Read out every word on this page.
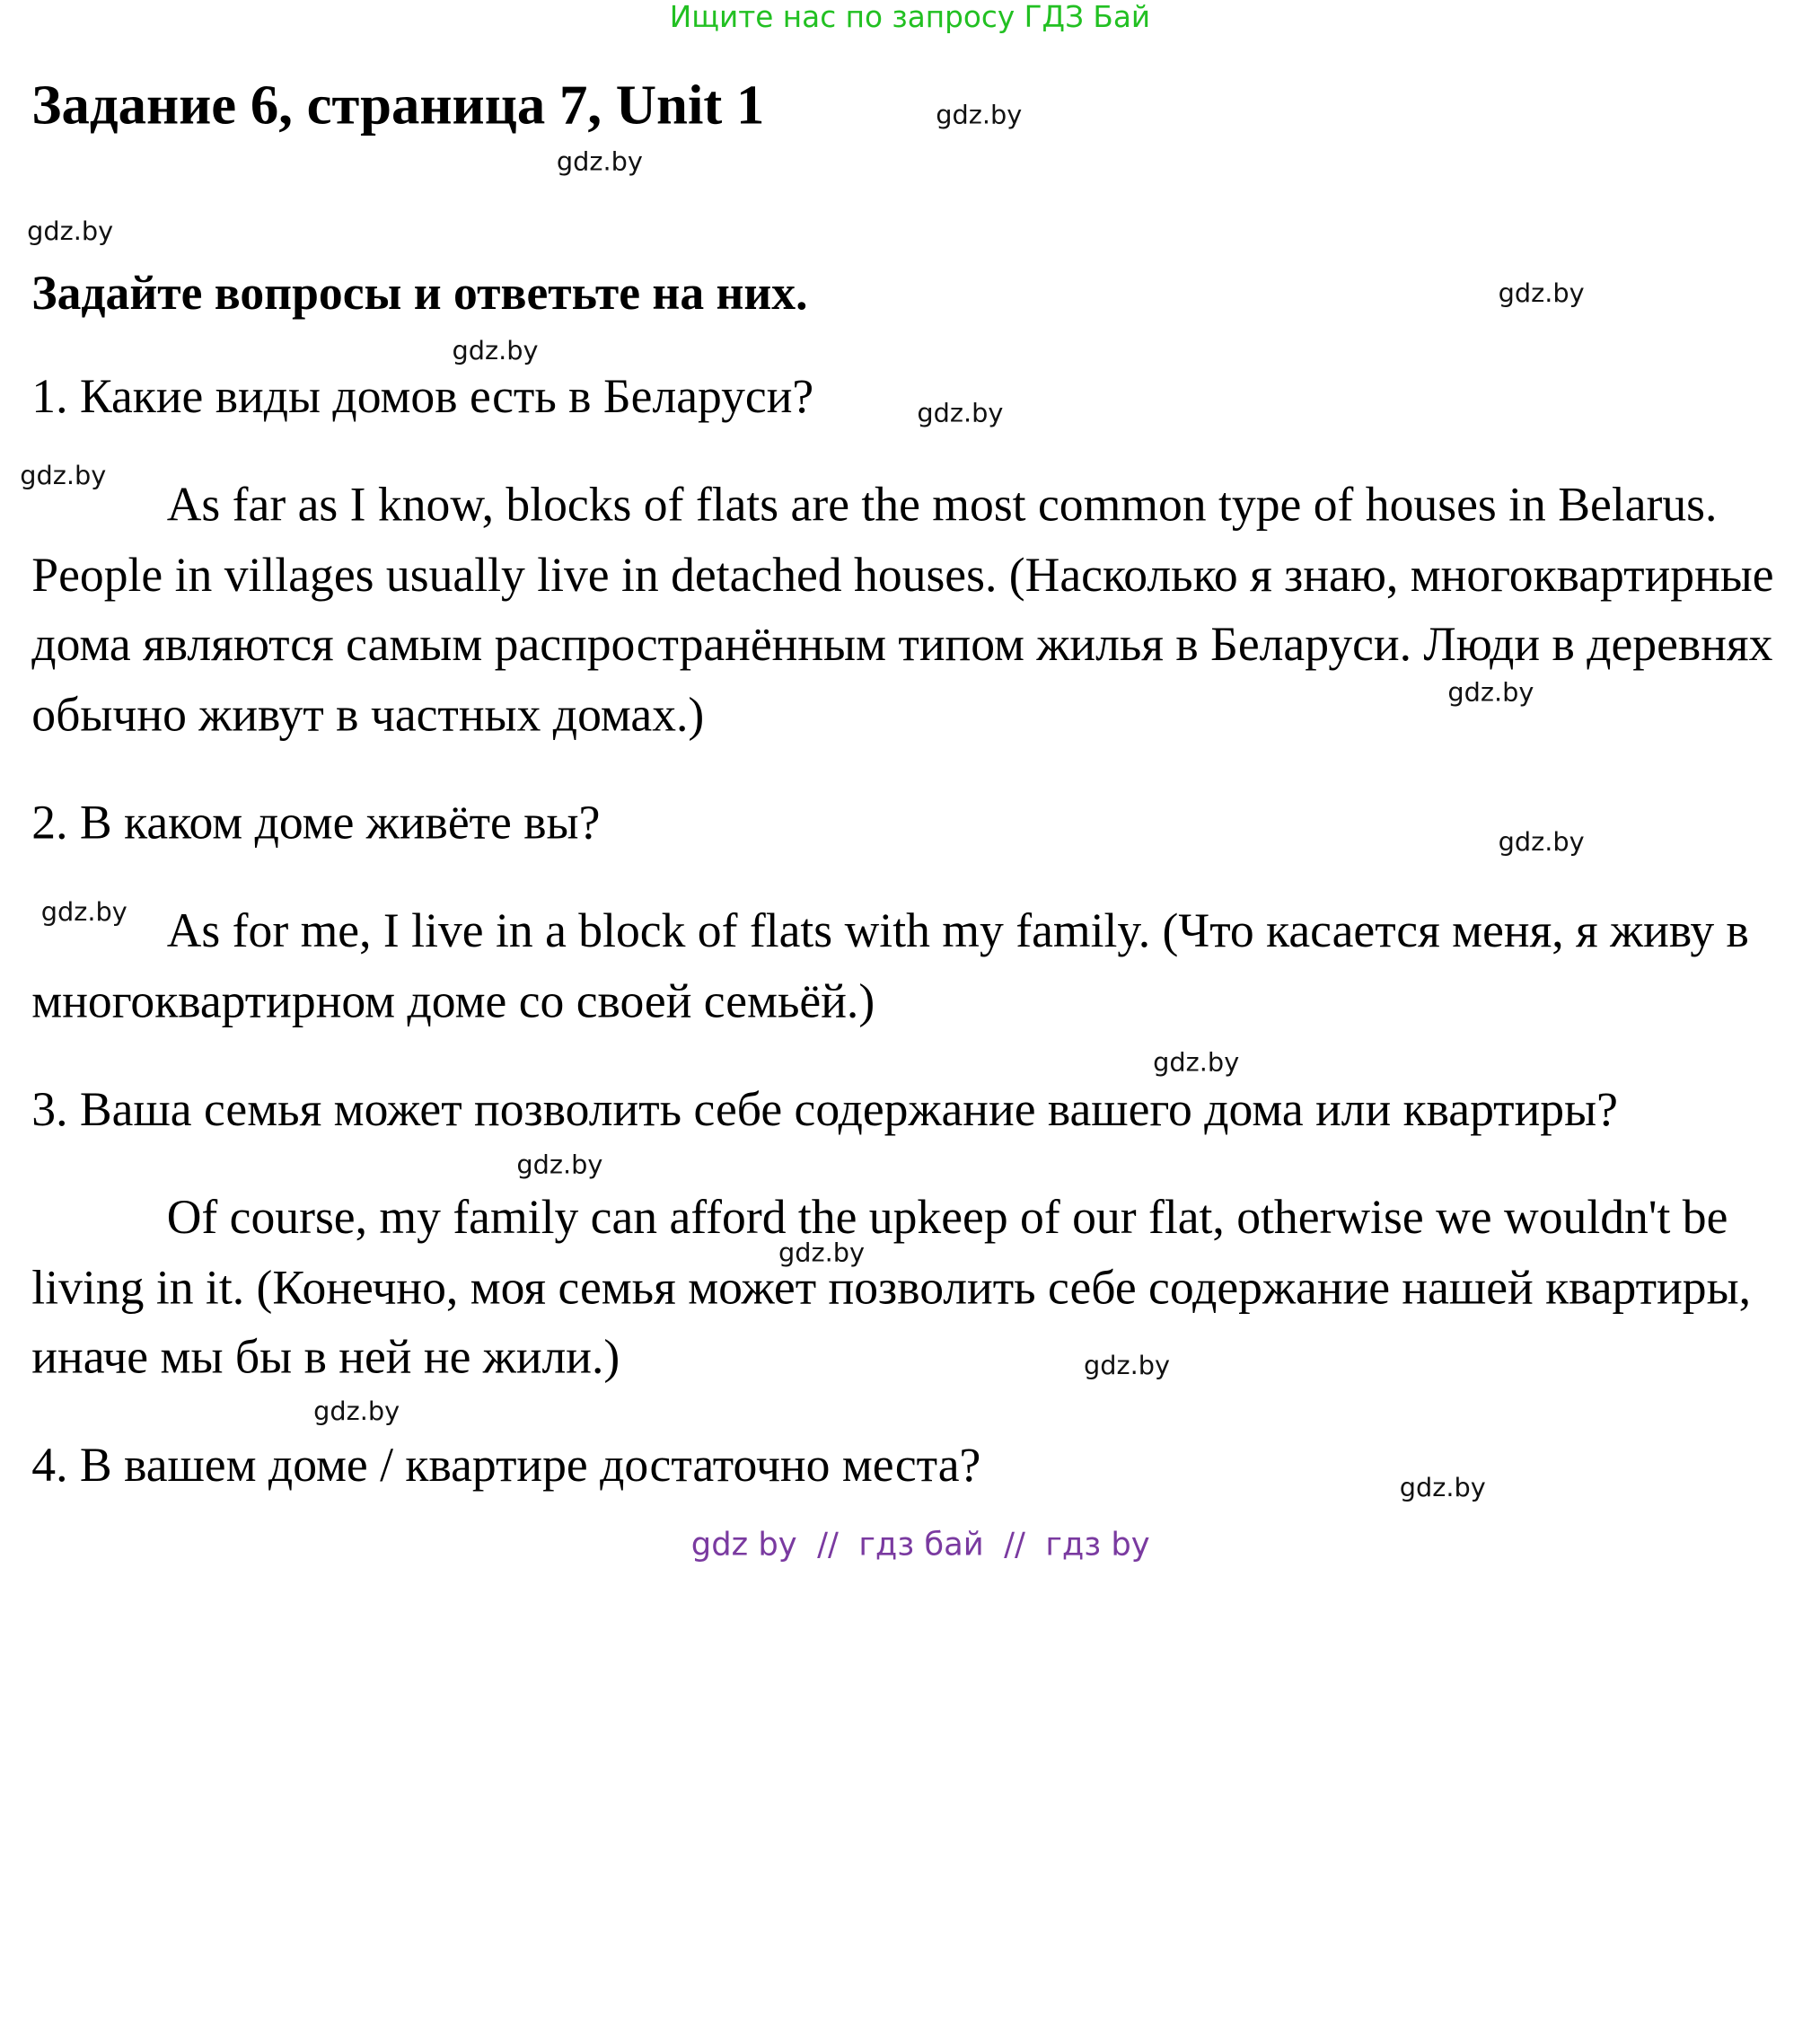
Ищите нас по запросу ГДЗ Бай
Задание 6, страница 7, Unit 1
Задайте вопросы и ответьте на них.
1. Какие виды домов есть в Беларуси?
As far as I know, blocks of flats are the most common type of houses in Belarus. People in villages usually live in detached houses. (Насколько я знаю, многоквартирные дома являются самым распространённым типом жилья в Беларуси. Люди в деревнях обычно живут в частных домах.)
2. В каком доме живёте вы?
As for me, I live in a block of flats with my family. (Что касается меня, я живу в многоквартирном доме со своей семьёй.)
3. Ваша семья может позволить себе содержание вашего дома или квартиры?
Of course, my family can afford the upkeep of our flat, otherwise we wouldn't be living in it. (Конечно, моя семья может позволить себе содержание нашей квартиры, иначе мы бы в ней не жили.)
4. В вашем доме / квартире достаточно места?
gdz.by
gdz.by
gdz.by
gdz.by
gdz.by
gdz.by
gdz.by
gdz.by
gdz.by
gdz.by
gdz.by
gdz.by
gdz.by
gdz.by
gdz.by
gdz.by
gdz by  //  гдз бай  //  гдз by
